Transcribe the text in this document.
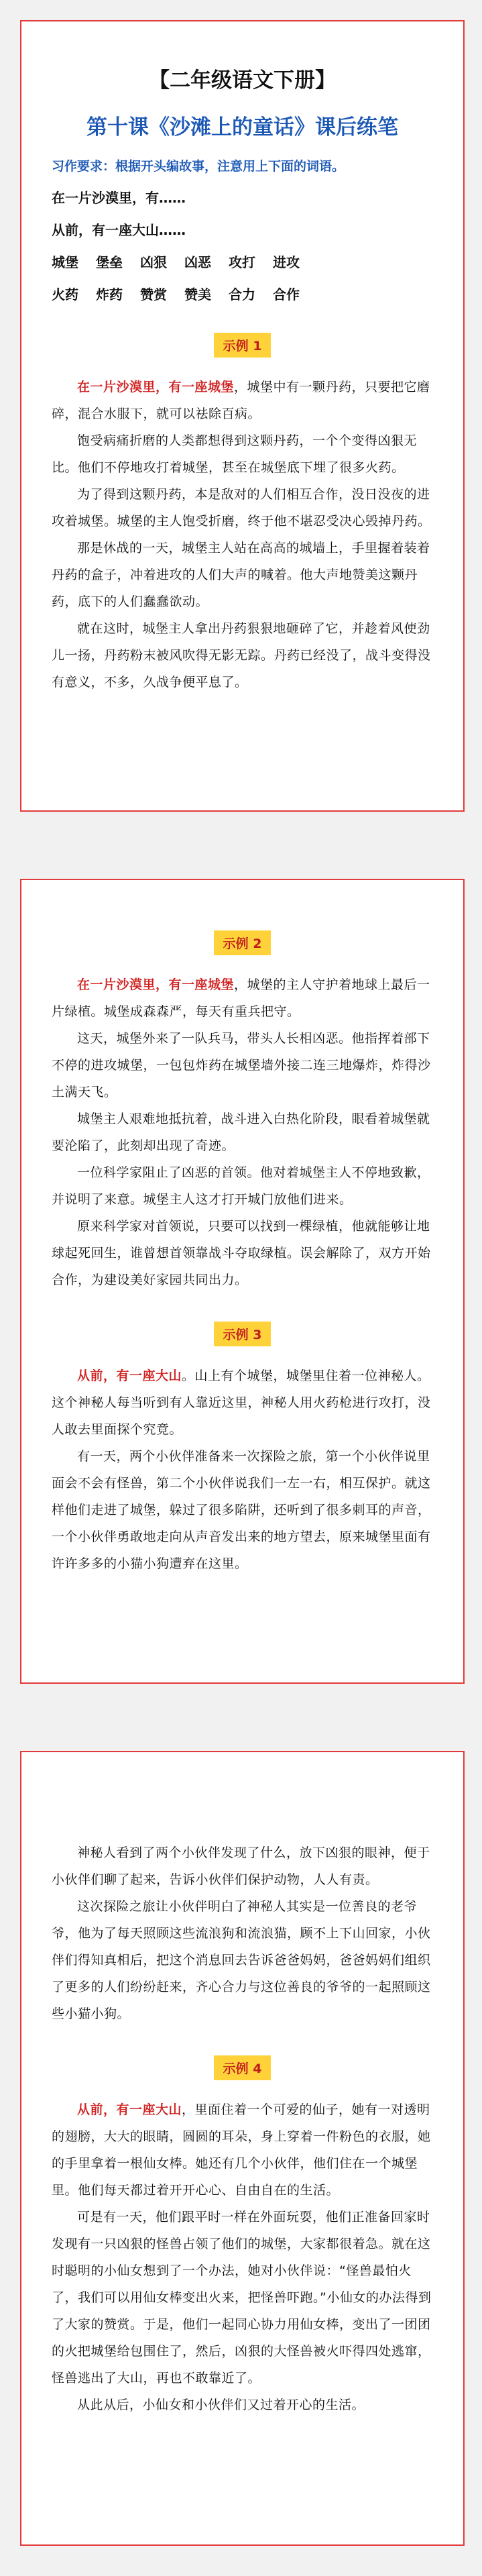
【二年级语文下册】
第十课《沙滩上的童话》课后练笔
习作要求：根据开头编故事，注意用上下面的词语。
在一片沙漠里，有……
从前，有一座大山……
城堡 堡垒 凶狠 凶恶 攻打 进攻
火药 炸药 赞赏 赞美 合力 合作
示例 1

在一片沙漠里，有一座城堡，城堡中有一颗丹药，只要把它磨碎，混合水服下，就可以祛除百病。

饱受病痛折磨的人类都想得到这颗丹药，一个个变得凶狠无比。他们不停地攻打着城堡，甚至在城堡底下埋了很多火药。

为了得到这颗丹药，本是敌对的人们相互合作，没日没夜的进攻着城堡。城堡的主人饱受折磨，终于他不堪忍受决心毁掉丹药。

那是休战的一天，城堡主人站在高高的城墙上，手里握着装着丹药的盒子，冲着进攻的人们大声的喊着。他大声地赞美这颗丹药，底下的人们蠢蠢欲动。

就在这时，城堡主人拿出丹药狠狠地砸碎了它，并趁着风使劲儿一扬，丹药粉末被风吹得无影无踪。丹药已经没了，战斗变得没有意义，不多，久战争便平息了。

示例 2

在一片沙漠里，有一座城堡，城堡的主人守护着地球上最后一片绿植。城堡成森森严，每天有重兵把守。

这天，城堡外来了一队兵马，带头人长相凶恶。他指挥着部下不停的进攻城堡，一包包炸药在城堡墙外接二连三地爆炸，炸得沙土满天飞。

城堡主人艰难地抵抗着，战斗进入白热化阶段，眼看着城堡就要沦陷了，此刻却出现了奇迹。

一位科学家阻止了凶恶的首领。他对着城堡主人不停地致歉，并说明了来意。城堡主人这才打开城门放他们进来。

原来科学家对首领说，只要可以找到一棵绿植，他就能够让地球起死回生，谁曾想首领靠战斗夺取绿植。误会解除了，双方开始合作，为建设美好家园共同出力。

示例 3

从前，有一座大山。山上有个城堡，城堡里住着一位神秘人。这个神秘人每当听到有人靠近这里，神秘人用火药枪进行攻打，没人敢去里面探个究竟。

有一天，两个小伙伴准备来一次探险之旅，第一个小伙伴说里面会不会有怪兽，第二个小伙伴说我们一左一右，相互保护。就这样他们走进了城堡，躲过了很多陷阱，还听到了很多刺耳的声音，一个小伙伴勇敢地走向从声音发出来的地方望去，原来城堡里面有许许多多的小猫小狗遭弃在这里。

神秘人看到了两个小伙伴发现了什么，放下凶狠的眼神，便于小伙伴们聊了起来，告诉小伙伴们保护动物，人人有责。

这次探险之旅让小伙伴明白了神秘人其实是一位善良的老爷爷，他为了每天照顾这些流浪狗和流浪猫，顾不上下山回家，小伙伴们得知真相后，把这个消息回去告诉爸爸妈妈，爸爸妈妈们组织了更多的人们纷纷赶来，齐心合力与这位善良的爷爷的一起照顾这些小猫小狗。

示例 4

从前，有一座大山，里面住着一个可爱的仙子，她有一对透明的翅膀，大大的眼睛，圆圆的耳朵，身上穿着一件粉色的衣服，她的手里拿着一根仙女棒。她还有几个小伙伴，他们住在一个城堡里。他们每天都过着开开心心、自由自在的生活。

可是有一天，他们跟平时一样在外面玩耍，他们正准备回家时发现有一只凶狠的怪兽占领了他们的城堡，大家都很着急。就在这时聪明的小仙女想到了一个办法，她对小伙伴说：“怪兽最怕火了，我们可以用仙女棒变出火来，把怪兽吓跑。”小仙女的办法得到了大家的赞赏。于是，他们一起同心协力用仙女棒，变出了一团团的火把城堡给包围住了，然后，凶狠的大怪兽被火吓得四处逃窜，怪兽逃出了大山，再也不敢靠近了。

从此从后，小仙女和小伙伴们又过着开心的生活。
